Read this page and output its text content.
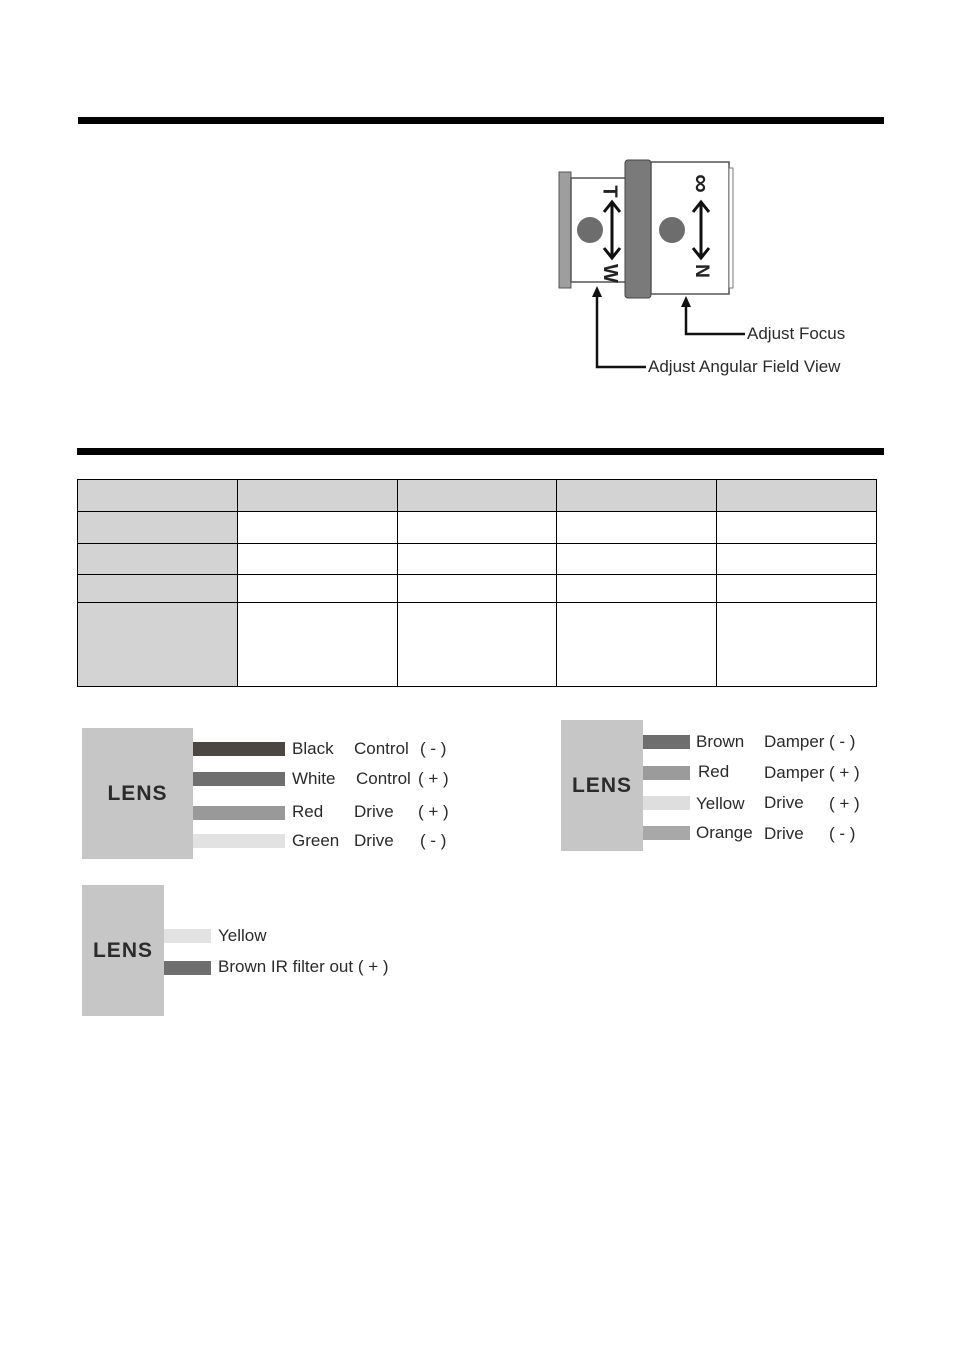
T
W
∞
N
Adjust Focus
Adjust Angular Field View

LENS
Black Control ( - )
White Control ( + )
Red Drive ( + )
Green Drive ( - )
LENS
Brown Damper ( - )
Red Damper ( + )
Yellow Drive ( + )
Orange Drive ( - )
LENS
Yellow
Brown IR filter out ( + )
